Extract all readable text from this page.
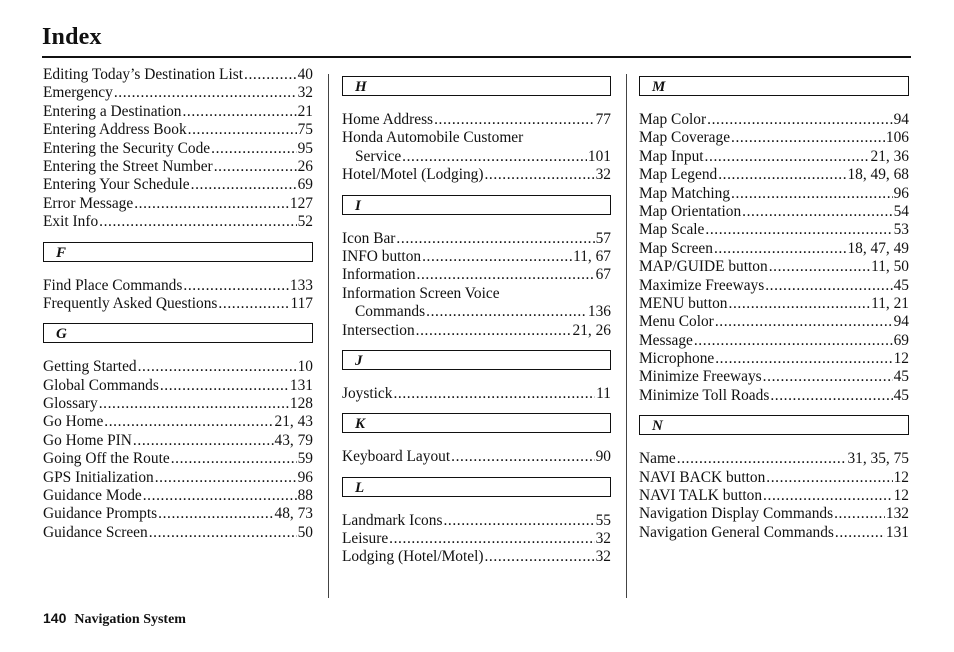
Index
Editing Today’s Destination List .....	40
Emergency .....	32
Entering a Destination .....	21
Entering Address Book .....	75
Entering the Security Code .....	95
Entering the Street Number .....	26
Entering Your Schedule .....	69
Error Message .....	127
Exit Info .....	52
F
Find Place Commands .....	133
Frequently Asked Questions .....	117
G
Getting Started .....	10
Global Commands .....	131
Glossary .....	128
Go Home .....	21, 43
Go Home PIN .....	43, 79
Going Off the Route .....	59
GPS Initialization .....	96
Guidance Mode .....	88
Guidance Prompts .....	48, 73
Guidance Screen .....	50
H
Home Address .....	77
Honda Automobile Customer
Service .....	101
Hotel/Motel (Lodging) .....	32
I
Icon Bar .....	57
INFO button .....	11, 67
Information .....	67
Information Screen Voice
Commands .....	136
Intersection .....	21, 26
J
Joystick .....	11
K
Keyboard Layout .....	90
L
Landmark Icons .....	55
Leisure .....	32
Lodging (Hotel/Motel) .....	32
M
Map Color .....	94
Map Coverage .....	106
Map Input .....	21, 36
Map Legend .....	18, 49, 68
Map Matching .....	96
Map Orientation .....	54
Map Scale .....	53
Map Screen .....	18, 47, 49
MAP/GUIDE button .....	11, 50
Maximize Freeways .....	45
MENU button .....	11, 21
Menu Color .....	94
Message .....	69
Microphone .....	12
Minimize Freeways .....	45
Minimize Toll Roads .....	45
N
Name .....	31, 35, 75
NAVI BACK button .....	12
NAVI TALK button .....	12
Navigation Display Commands .....	132
Navigation General Commands .....	131
140 Navigation System
